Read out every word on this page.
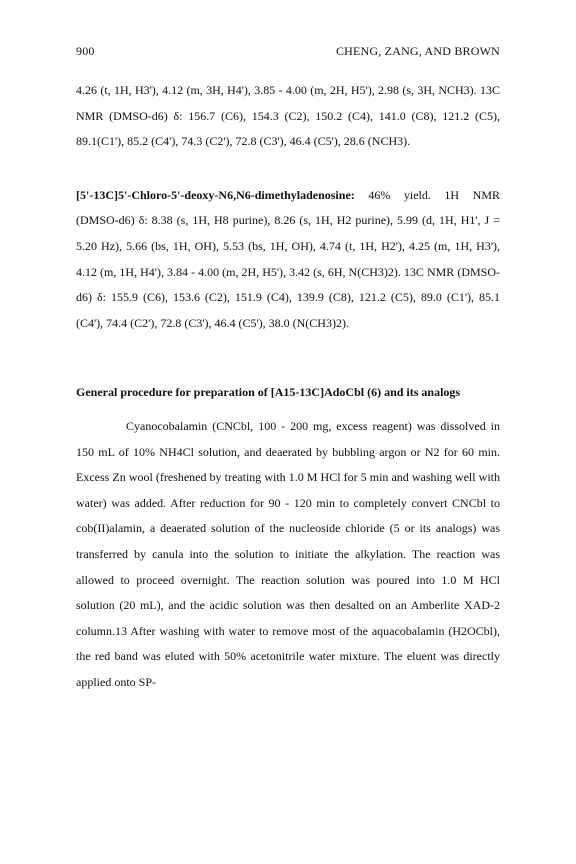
900	CHENG, ZANG, AND BROWN

4.26 (t, 1H, H3'), 4.12 (m, 3H, H4'), 3.85 - 4.00 (m, 2H, H5'), 2.98 (s, 3H, NCH3). 13C NMR (DMSO-d6) δ: 156.7 (C6), 154.3 (C2), 150.2 (C4), 141.0 (C8), 121.2 (C5), 89.1(C1'), 85.2 (C4'), 74.3 (C2'), 72.8 (C3'), 46.4 (C5'), 28.6 (NCH3).

[5'-13C]5'-Chloro-5'-deoxy-N6,N6-dimethyladenosine: 46% yield. 1H NMR (DMSO-d6) δ: 8.38 (s, 1H, H8 purine), 8.26 (s, 1H, H2 purine), 5.99 (d, 1H, H1', J = 5.20 Hz), 5.66 (bs, 1H, OH), 5.53 (bs, 1H, OH), 4.74 (t, 1H, H2'), 4.25 (m, 1H, H3'), 4.12 (m, 1H, H4'), 3.84 - 4.00 (m, 2H, H5'), 3.42 (s, 6H, N(CH3)2). 13C NMR (DMSO-d6) δ: 155.9 (C6), 153.6 (C2), 151.9 (C4), 139.9 (C8), 121.2 (C5), 89.0 (C1'), 85.1 (C4'), 74.4 (C2'), 72.8 (C3'), 46.4 (C5'), 38.0 (N(CH3)2).

General procedure for preparation of [A15-13C]AdoCbl (6) and its analogs

Cyanocobalamin (CNCbl, 100 - 200 mg, excess reagent) was dissolved in 150 mL of 10% NH4Cl solution, and deaerated by bubbling argon or N2 for 60 min. Excess Zn wool (freshened by treating with 1.0 M HCl for 5 min and washing well with water) was added. After reduction for 90 - 120 min to completely convert CNCbl to cob(II)alamin, a deaerated solution of the nucleoside chloride (5 or its analogs) was transferred by canula into the solution to initiate the alkylation. The reaction was allowed to proceed overnight. The reaction solution was poured into 1.0 M HCl solution (20 mL), and the acidic solution was then desalted on an Amberlite XAD-2 column.13 After washing with water to remove most of the aquacobalamin (H2OCbl), the red band was eluted with 50% acetonitrile water mixture. The eluent was directly applied onto SP-
